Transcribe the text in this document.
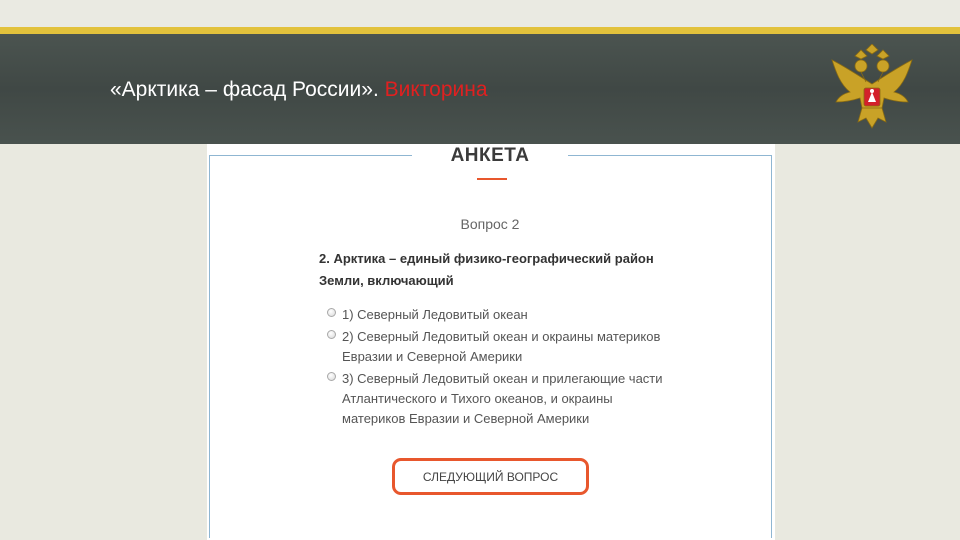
«Арктика – фасад России». Викторина
АНКЕТА
Вопрос 2
2. Арктика – единый физико-географический район Земли, включающий
1) Северный Ледовитый океан
2) Северный Ледовитый океан и окраины материков Евразии и Северной Америки
3) Северный Ледовитый океан и прилегающие части Атлантического и Тихого океанов, и окраины материков Евразии и Северной Америки
СЛЕДУЮЩИЙ ВОПРОС
